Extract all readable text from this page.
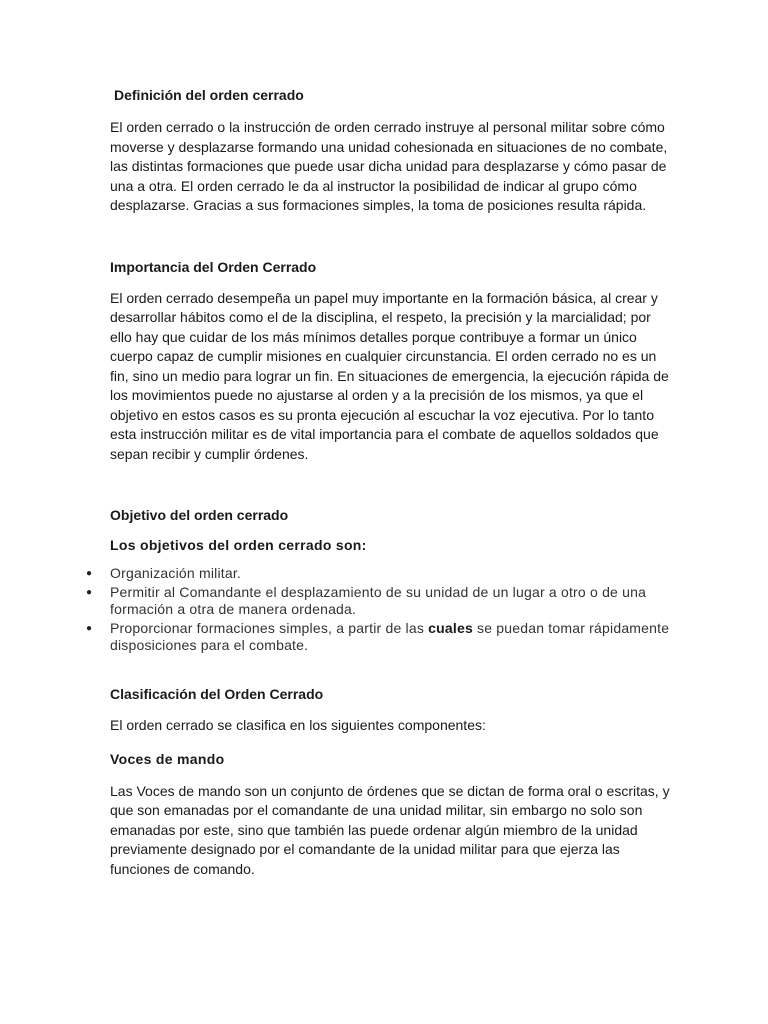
Definición del orden cerrado

El orden cerrado o la instrucción de orden cerrado instruye al personal militar sobre cómo moverse y desplazarse formando una unidad cohesionada en situaciones de no combate, las distintas formaciones que puede usar dicha unidad para desplazarse y cómo pasar de una a otra. El orden cerrado le da al instructor la posibilidad de indicar al grupo cómo desplazarse. Gracias a sus formaciones simples, la toma de posiciones resulta rápida.

Importancia del Orden Cerrado

El orden cerrado desempeña un papel muy importante en la formación básica, al crear y desarrollar hábitos como el de la disciplina, el respeto, la precisión y la marcialidad; por ello hay que cuidar de los más mínimos detalles porque contribuye a formar un único cuerpo capaz de cumplir misiones en cualquier circunstancia. El orden cerrado no es un fin, sino un medio para lograr un fin. En situaciones de emergencia, la ejecución rápida de los movimientos puede no ajustarse al orden y a la precisión de los mismos, ya que el objetivo en estos casos es su pronta ejecución al escuchar la voz ejecutiva. Por lo tanto esta instrucción militar es de vital importancia para el combate de aquellos soldados que sepan recibir y cumplir órdenes.

Objetivo del orden cerrado
Los objetivos del orden cerrado son:
● Organización militar.
● Permitir al Comandante el desplazamiento de su unidad de un lugar a otro o de una formación a otra de manera ordenada.
● Proporcionar formaciones simples, a partir de las cuales se puedan tomar rápidamente disposiciones para el combate.
Clasificación del Orden Cerrado

El orden cerrado se clasifica en los siguientes componentes:

Voces de mando

Las Voces de mando son un conjunto de órdenes que se dictan de forma oral o escritas, y que son emanadas por el comandante de una unidad militar, sin embargo no solo son emanadas por este, sino que también las puede ordenar algún miembro de la unidad previamente designado por el comandante de la unidad militar para que ejerza las funciones de comando.
